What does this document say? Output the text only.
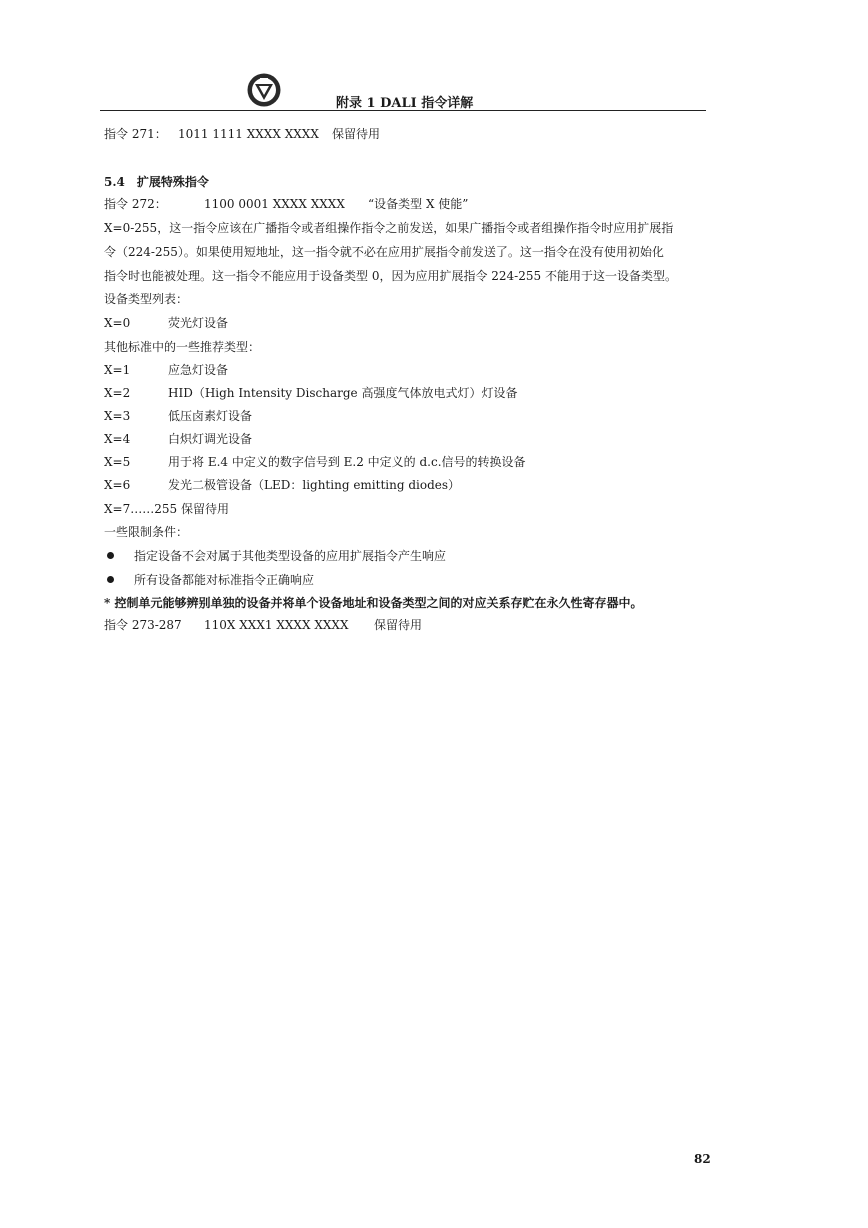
附录 1 DALI 指令详解
指令 271： 1011 1111 XXXX XXXX 保留待用
5.4 扩展特殊指令
指令 272：	1100 0001 XXXX XXXX “设备类型 X 使能”
X=0-255，这一指令应该在广播指令或者组操作指令之前发送，如果广播指令或者组操作指令时应用扩展指
令（224-255）。如果使用短地址，这一指令就不必在应用扩展指令前发送了。这一指令在没有使用初始化
指令时也能被处理。这一指令不能应用于设备类型 0，因为应用扩展指令 224-255 不能用于这一设备类型。
设备类型列表：
X=0	荧光灯设备
其他标准中的一些推荐类型：
X=1	应急灯设备
X=2	HID（High Intensity Discharge 高强度气体放电式灯）灯设备
X=3	低压卤素灯设备
X=4	白炽灯调光设备
X=5	用于将 E.4 中定义的数字信号到 E.2 中定义的 d.c.信号的转换设备
X=6	发光二极管设备（LED：lighting emitting diodes）
X=7……255 保留待用
一些限制条件：
指定设备不会对属于其他类型设备的应用扩展指令产生响应
所有设备都能对标准指令正确响应
* 控制单元能够辨别单独的设备并将单个设备地址和设备类型之间的对应关系存贮在永久性寄存器中。
指令 273-287 110X XXX1 XXXX XXXX 保留待用
82
